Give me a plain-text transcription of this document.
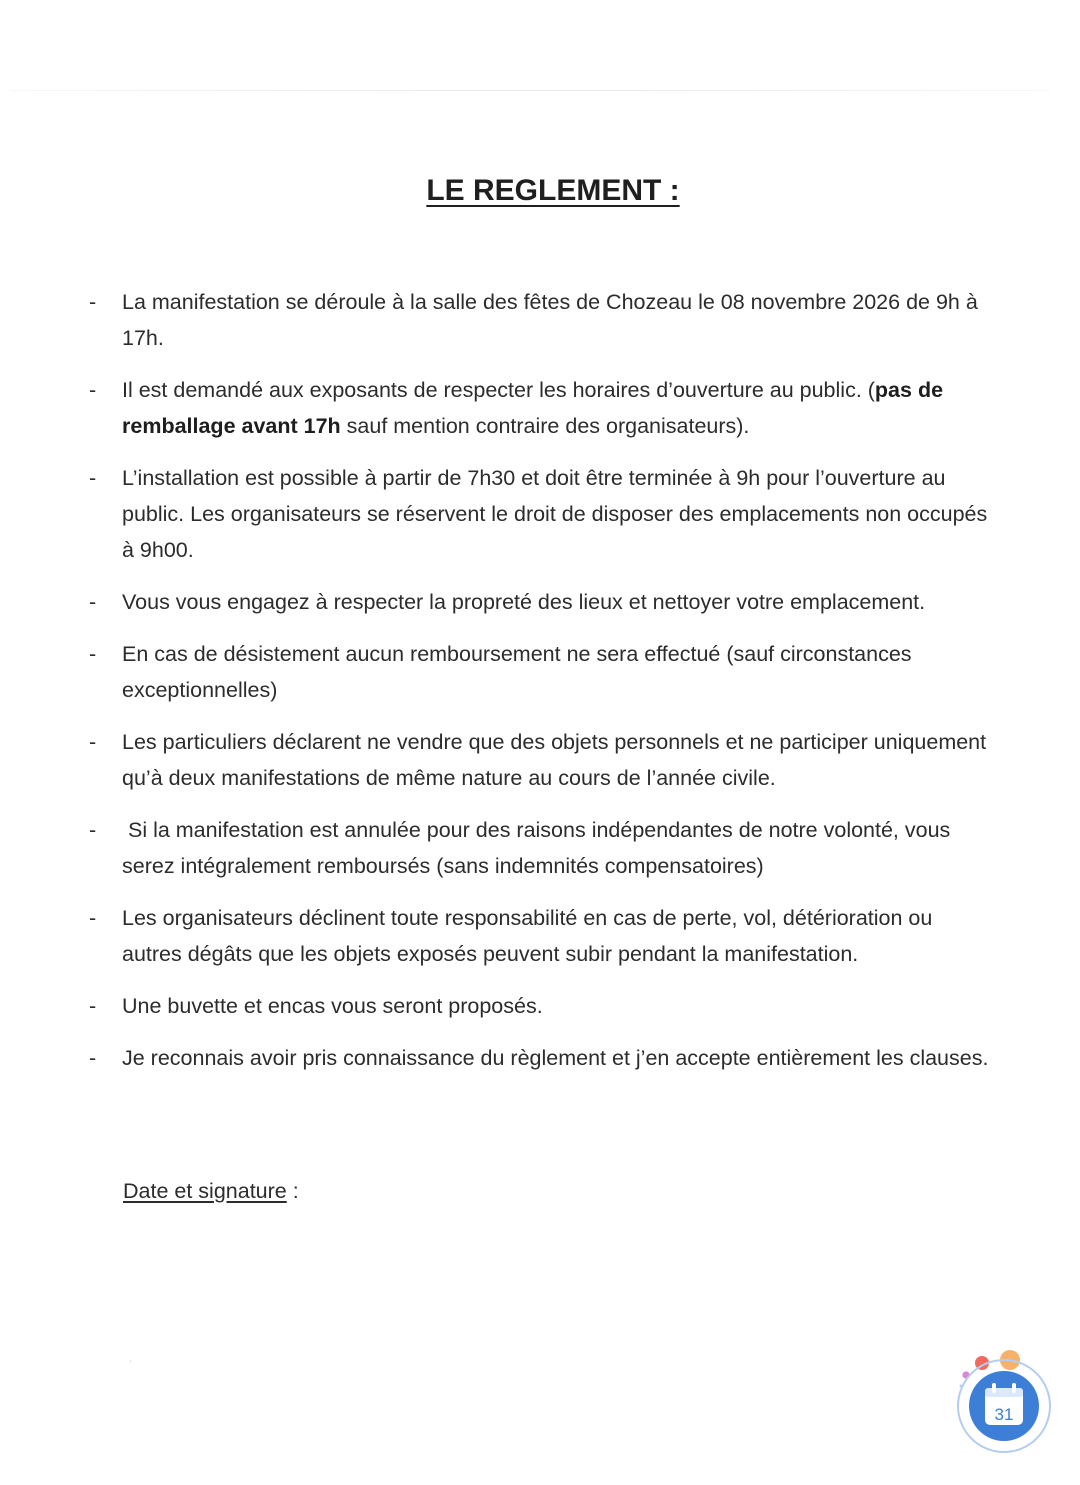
LE REGLEMENT :
-	La manifestation se déroule à la salle des fêtes de Chozeau le 08 novembre 2026 de 9h à 17h.
-	Il est demandé aux exposants de respecter les horaires d’ouverture au public. (pas de remballage avant 17h sauf mention contraire des organisateurs).
-	L’installation est possible à partir de 7h30 et doit être terminée à 9h pour l’ouverture au public. Les organisateurs se réservent le droit de disposer des emplacements non occupés à 9h00.
-	Vous vous engagez à respecter la propreté des lieux et nettoyer votre emplacement.
-	En cas de désistement aucun remboursement ne sera effectué (sauf circonstances exceptionnelles)
-	Les particuliers déclarent ne vendre que des objets personnels et ne participer uniquement qu’à deux manifestations de même nature au cours de l’année civile.
-	Si la manifestation est annulée pour des raisons indépendantes de notre volonté, vous serez intégralement remboursés (sans indemnités compensatoires)
-	Les organisateurs déclinent toute responsabilité en cas de perte, vol, détérioration ou autres dégâts que les objets exposés peuvent subir pendant la manifestation.
-	Une buvette et encas vous seront proposés.
-	Je reconnais avoir pris connaissance du règlement et j’en accepte entièrement les clauses.
Date et signature :
ˌ
31
